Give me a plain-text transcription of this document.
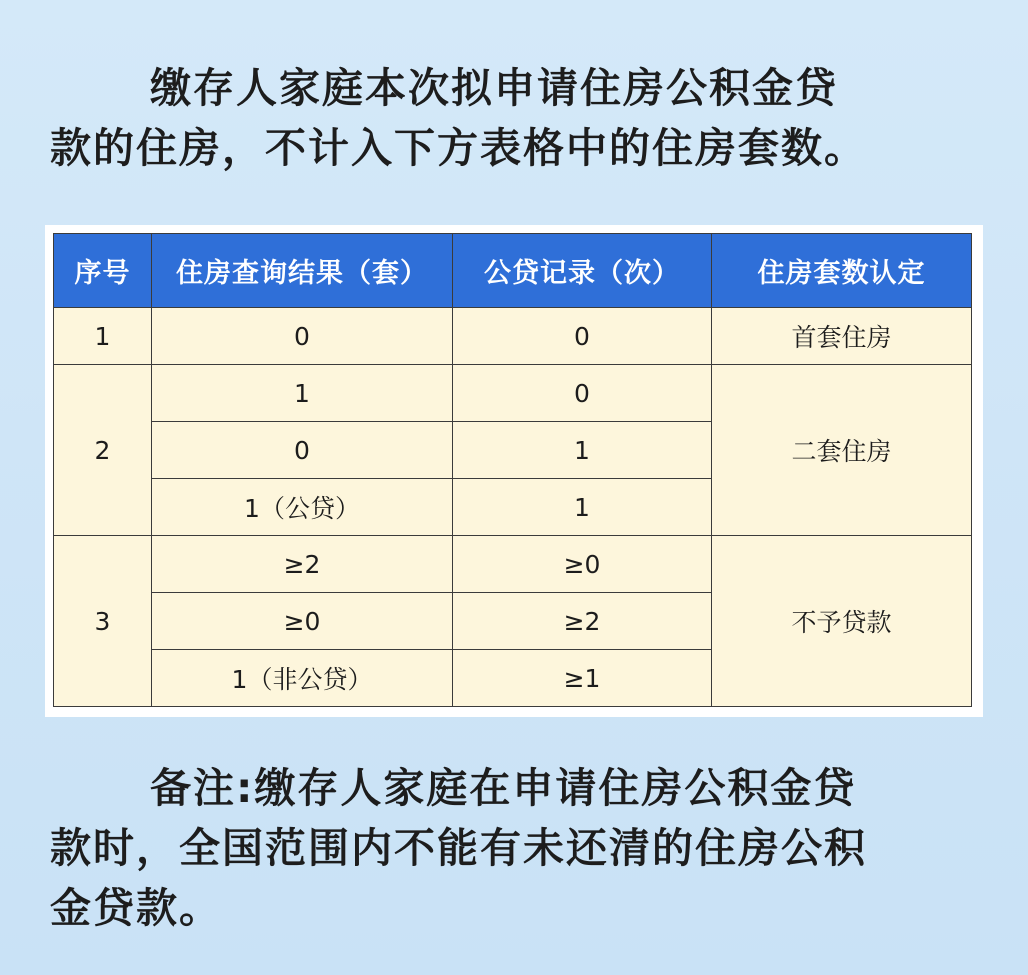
缴存人家庭本次拟申请住房公积金贷
款的住房，不计入下方表格中的住房套数。
序号	住房查询结果（套）	公贷记录（次）	住房套数认定
1	0	0	首套住房
2	1	0	二套住房
	0	1	
	1（公贷）	1	
3	≥2	≥0	不予贷款
	≥0	≥2	
	1（非公贷）	≥1	
备注:缴存人家庭在申请住房公积金贷
款时，全国范围内不能有未还清的住房公积
金贷款。
